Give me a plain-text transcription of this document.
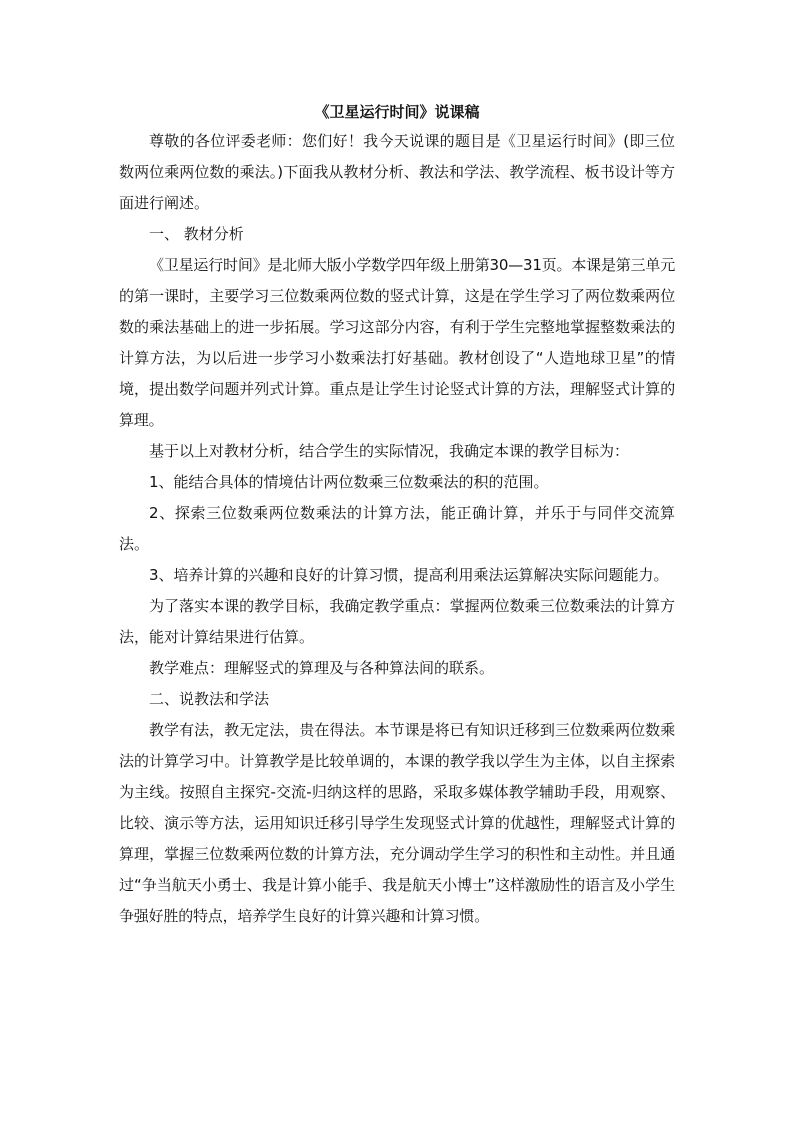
《卫星运行时间》说课稿

尊敬的各位评委老师：您们好！我今天说课的题目是《卫星运行时间》(即三位数两位乘两位数的乘法。)下面我从教材分析、教法和学法、教学流程、板书设计等方面进行阐述。

一、 教材分析

《卫星运行时间》是北师大版小学数学四年级上册第30—31页。本课是第三单元的第一课时，主要学习三位数乘两位数的竖式计算，这是在学生学习了两位数乘两位数的乘法基础上的进一步拓展。学习这部分内容，有利于学生完整地掌握整数乘法的计算方法，为以后进一步学习小数乘法打好基础。教材创设了“人造地球卫星”的情境，提出数学问题并列式计算。重点是让学生讨论竖式计算的方法，理解竖式计算的算理。

基于以上对教材分析，结合学生的实际情况，我确定本课的教学目标为：

1、能结合具体的情境估计两位数乘三位数乘法的积的范围。

2、探索三位数乘两位数乘法的计算方法，能正确计算，并乐于与同伴交流算法。

3、培养计算的兴趣和良好的计算习惯，提高利用乘法运算解决实际问题能力。

为了落实本课的教学目标，我确定教学重点：掌握两位数乘三位数乘法的计算方法，能对计算结果进行估算。

教学难点：理解竖式的算理及与各种算法间的联系。

二、说教法和学法

教学有法，教无定法，贵在得法。本节课是将已有知识迁移到三位数乘两位数乘法的计算学习中。计算教学是比较单调的，本课的教学我以学生为主体，以自主探索为主线。按照自主探究-交流-归纳这样的思路，采取多媒体教学辅助手段，用观察、比较、演示等方法，运用知识迁移引导学生发现竖式计算的优越性，理解竖式计算的算理，掌握三位数乘两位数的计算方法，充分调动学生学习的积性和主动性。并且通过“争当航天小勇士、我是计算小能手、我是航天小博士”这样激励性的语言及小学生争强好胜的特点，培养学生良好的计算兴趣和计算习惯。
